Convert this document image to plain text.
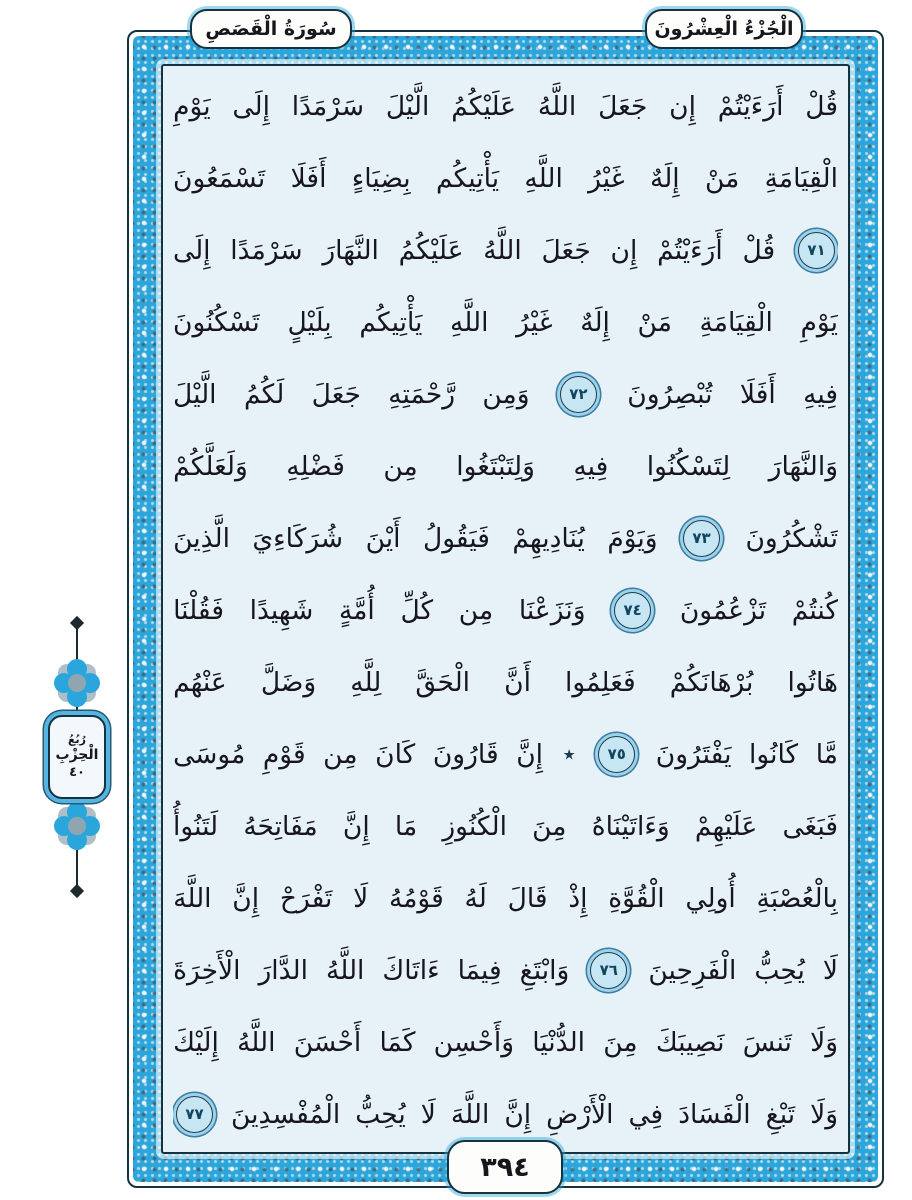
الْجُزْءُ الْعِشْرُونَ
سُورَةُ الْقَصَصِ
قُلْ
أَرَءَيْتُمْ
إِن
جَعَلَ
اللَّهُ
عَلَيْكُمُ
الَّيْلَ
سَرْمَدًا
إِلَى
يَوْمِ
الْقِيَامَةِ
مَنْ
إِلَهٌ
غَيْرُ
اللَّهِ
يَأْتِيكُم
بِضِيَاءٍ
أَفَلَا
تَسْمَعُونَ
٧١
قُلْ
أَرَءَيْتُمْ
إِن
جَعَلَ
اللَّهُ
عَلَيْكُمُ
النَّهَارَ
سَرْمَدًا
إِلَى
يَوْمِ
الْقِيَامَةِ
مَنْ
إِلَهٌ
غَيْرُ
اللَّهِ
يَأْتِيكُم
بِلَيْلٍ
تَسْكُنُونَ
فِيهِ
أَفَلَا
تُبْصِرُونَ
٧٢
وَمِن
رَّحْمَتِهِ
جَعَلَ
لَكُمُ
الَّيْلَ
وَالنَّهَارَ
لِتَسْكُنُوا
فِيهِ
وَلِتَبْتَغُوا
مِن
فَضْلِهِ
وَلَعَلَّكُمْ
تَشْكُرُونَ
٧٣
وَيَوْمَ
يُنَادِيهِمْ
فَيَقُولُ
أَيْنَ
شُرَكَاءِيَ
الَّذِينَ
كُنتُمْ
تَزْعُمُونَ
٧٤
وَنَزَعْنَا
مِن
كُلِّ
أُمَّةٍ
شَهِيدًا
فَقُلْنَا
هَاتُوا
بُرْهَانَكُمْ
فَعَلِمُوا
أَنَّ
الْحَقَّ
لِلَّهِ
وَضَلَّ
عَنْهُم
مَّا
كَانُوا
يَفْتَرُونَ
٧٥
٭
إِنَّ
قَارُونَ
كَانَ
مِن
قَوْمِ
مُوسَى
فَبَغَى
عَلَيْهِمْ
وَءَاتَيْنَاهُ
مِنَ
الْكُنُوزِ
مَا
إِنَّ
مَفَاتِحَهُ
لَتَنُوأُ
بِالْعُصْبَةِ
أُولِي
الْقُوَّةِ
إِذْ
قَالَ
لَهُ
قَوْمُهُ
لَا
تَفْرَحْ
إِنَّ
اللَّهَ
لَا
يُحِبُّ
الْفَرِحِينَ
٧٦
وَابْتَغِ
فِيمَا
ءَاتَاكَ
اللَّهُ
الدَّارَ
الْأَخِرَةَ
وَلَا
تَنسَ
نَصِيبَكَ
مِنَ
الدُّنْيَا
وَأَحْسِن
كَمَا
أَحْسَنَ
اللَّهُ
إِلَيْكَ
وَلَا
تَبْغِ
الْفَسَادَ
فِي
الْأَرْضِ
إِنَّ
اللَّهَ
لَا
يُحِبُّ
الْمُفْسِدِينَ
٧٧
٣٩٤
رُبُعُ
الْحِزْبِ
٤٠
